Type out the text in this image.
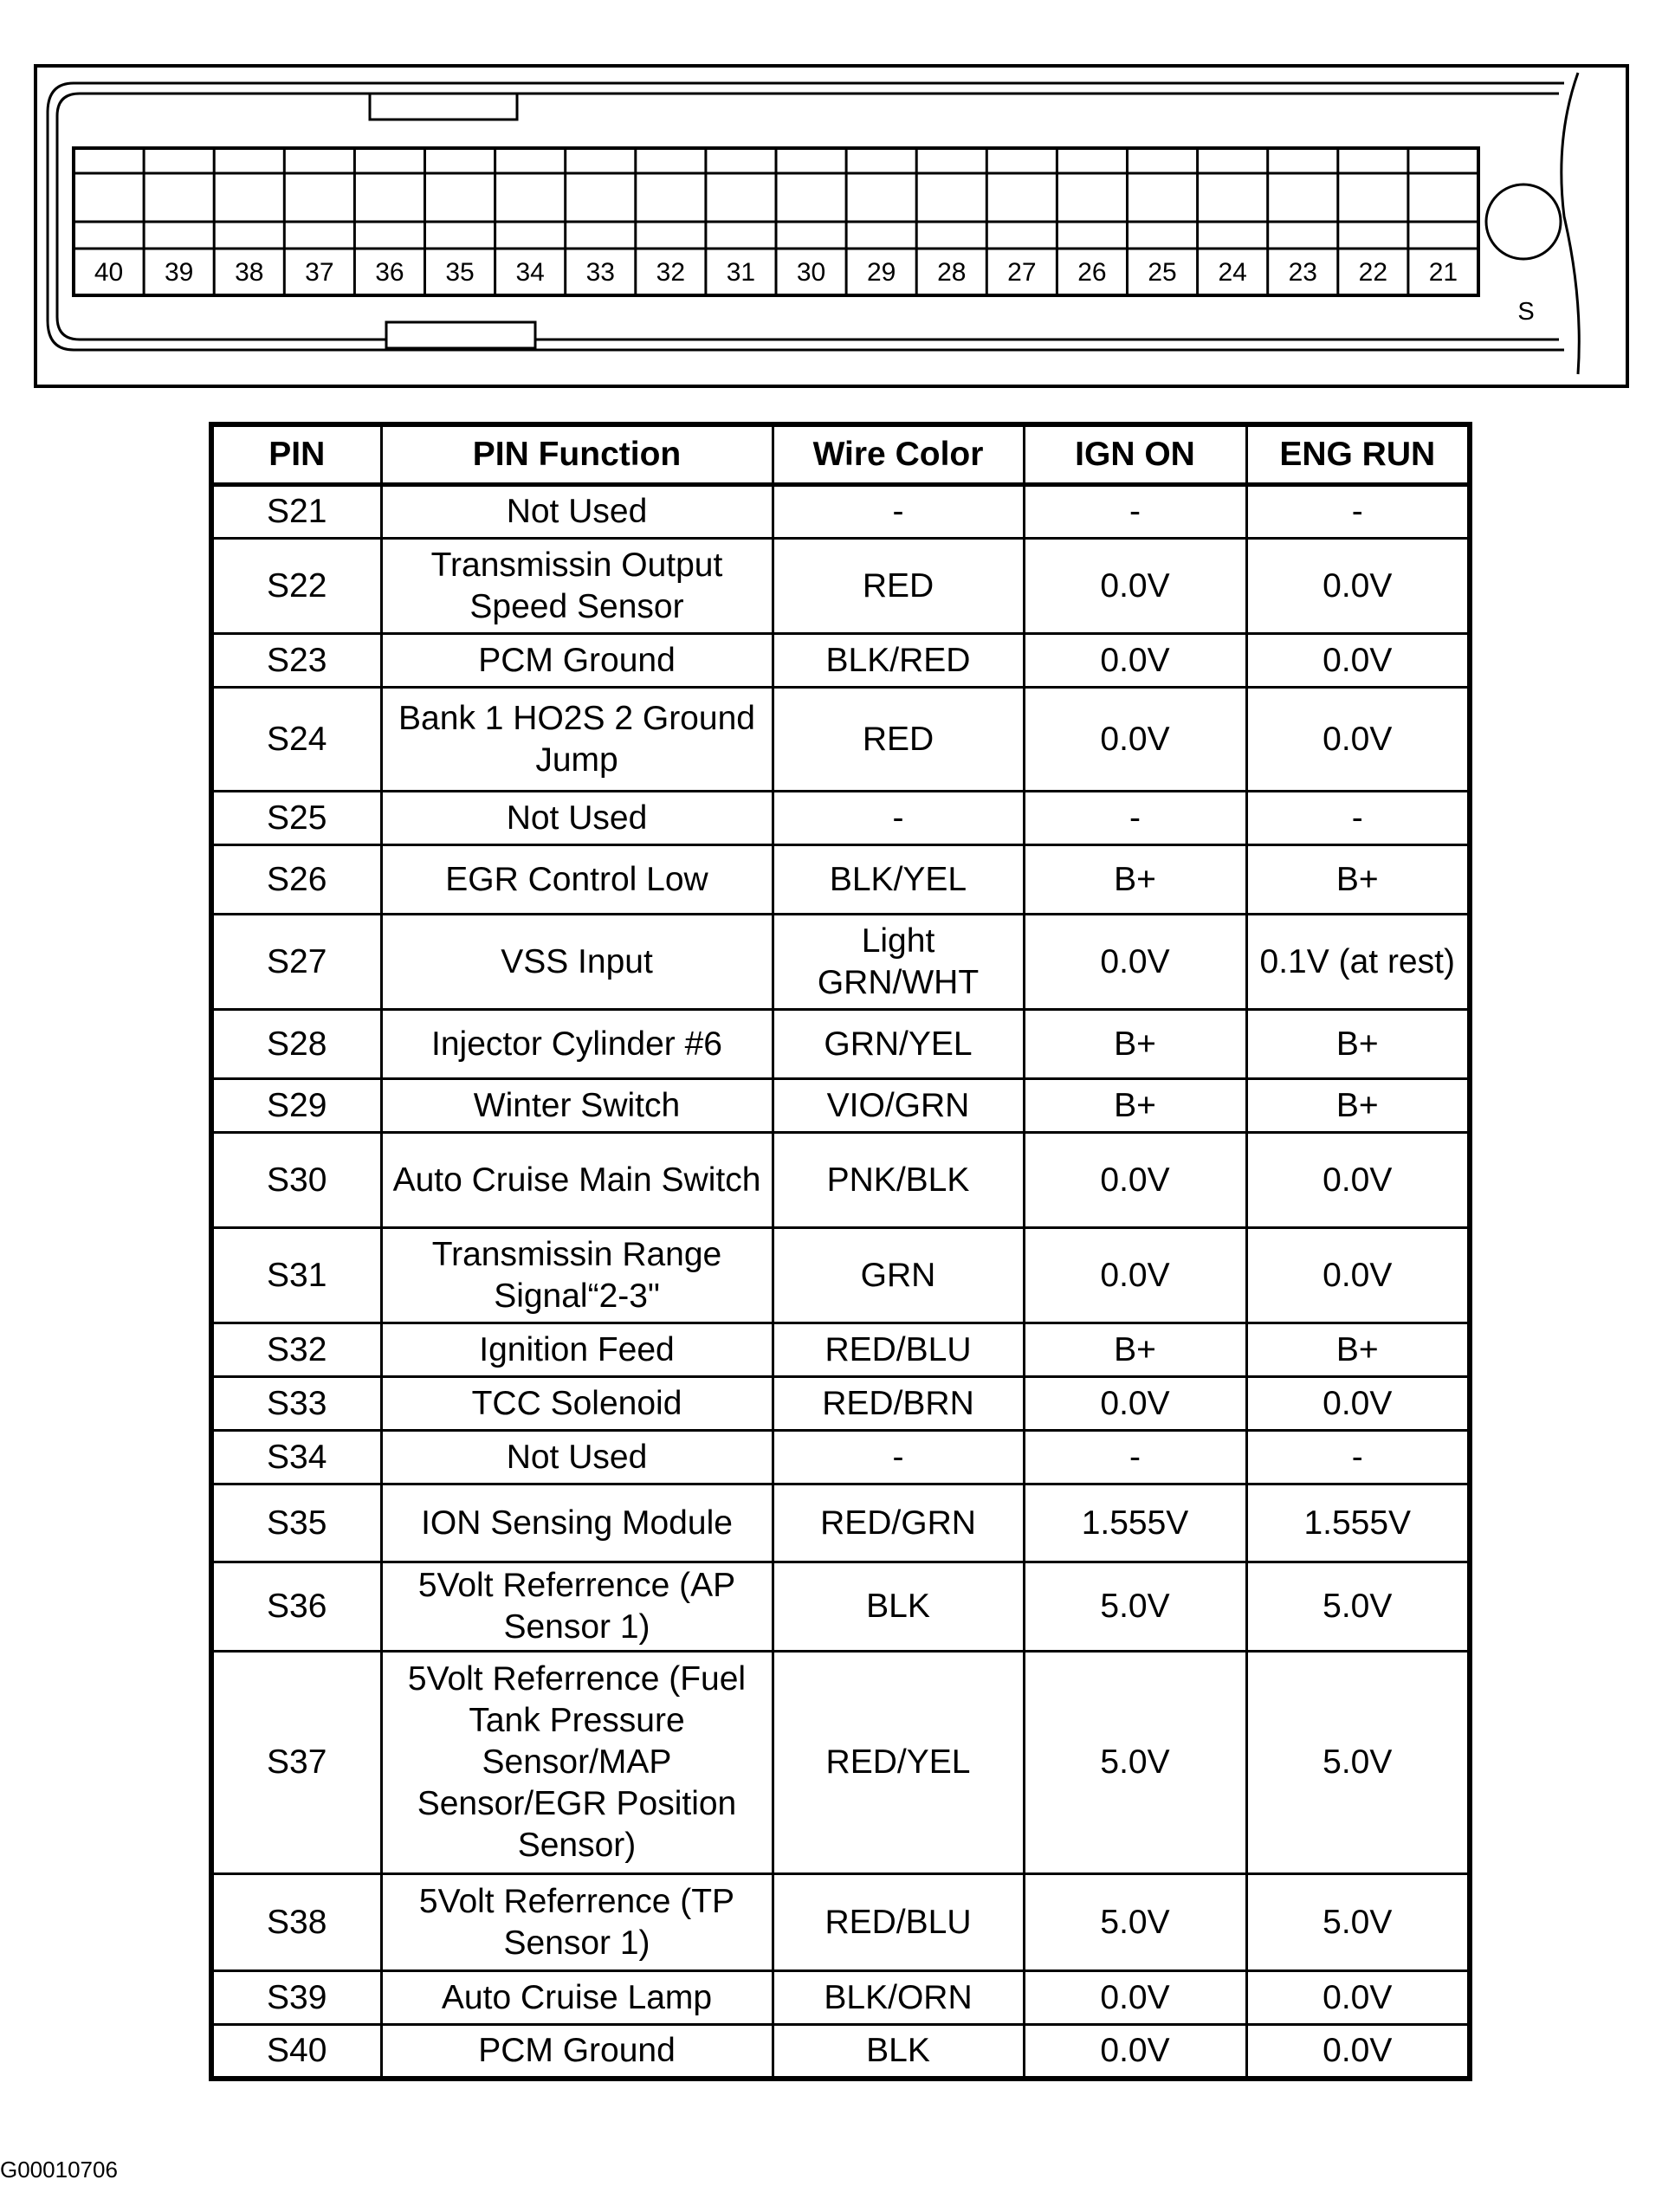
40 39 38 37 36 35 34 33 32 31 30 29 28 27 26 25 24 23 22 21
S
PIN	PIN Function	Wire Color	IGN ON	ENG RUN
S21	Not Used	-	-	-
S22	Transmissin Output Speed Sensor	RED	0.0V	0.0V
S23	PCM Ground	BLK/RED	0.0V	0.0V
S24	Bank 1 HO2S 2 Ground Jump	RED	0.0V	0.0V
S25	Not Used	-	-	-
S26	EGR Control Low	BLK/YEL	B+	B+
S27	VSS Input	Light GRN/WHT	0.0V	0.1V (at rest)
S28	Injector Cylinder #6	GRN/YEL	B+	B+
S29	Winter Switch	VIO/GRN	B+	B+
S30	Auto Cruise Main Switch	PNK/BLK	0.0V	0.0V
S31	Transmissin Range Signal“2-3"	GRN	0.0V	0.0V
S32	Ignition Feed	RED/BLU	B+	B+
S33	TCC Solenoid	RED/BRN	0.0V	0.0V
S34	Not Used	-	-	-
S35	ION Sensing Module	RED/GRN	1.555V	1.555V
S36	5Volt Referrence (AP Sensor 1)	BLK	5.0V	5.0V
S37	5Volt Referrence (Fuel Tank Pressure Sensor/MAP Sensor/EGR Position Sensor)	RED/YEL	5.0V	5.0V
S38	5Volt Referrence (TP Sensor 1)	RED/BLU	5.0V	5.0V
S39	Auto Cruise Lamp	BLK/ORN	0.0V	0.0V
S40	PCM Ground	BLK	0.0V	0.0V
G00010706
